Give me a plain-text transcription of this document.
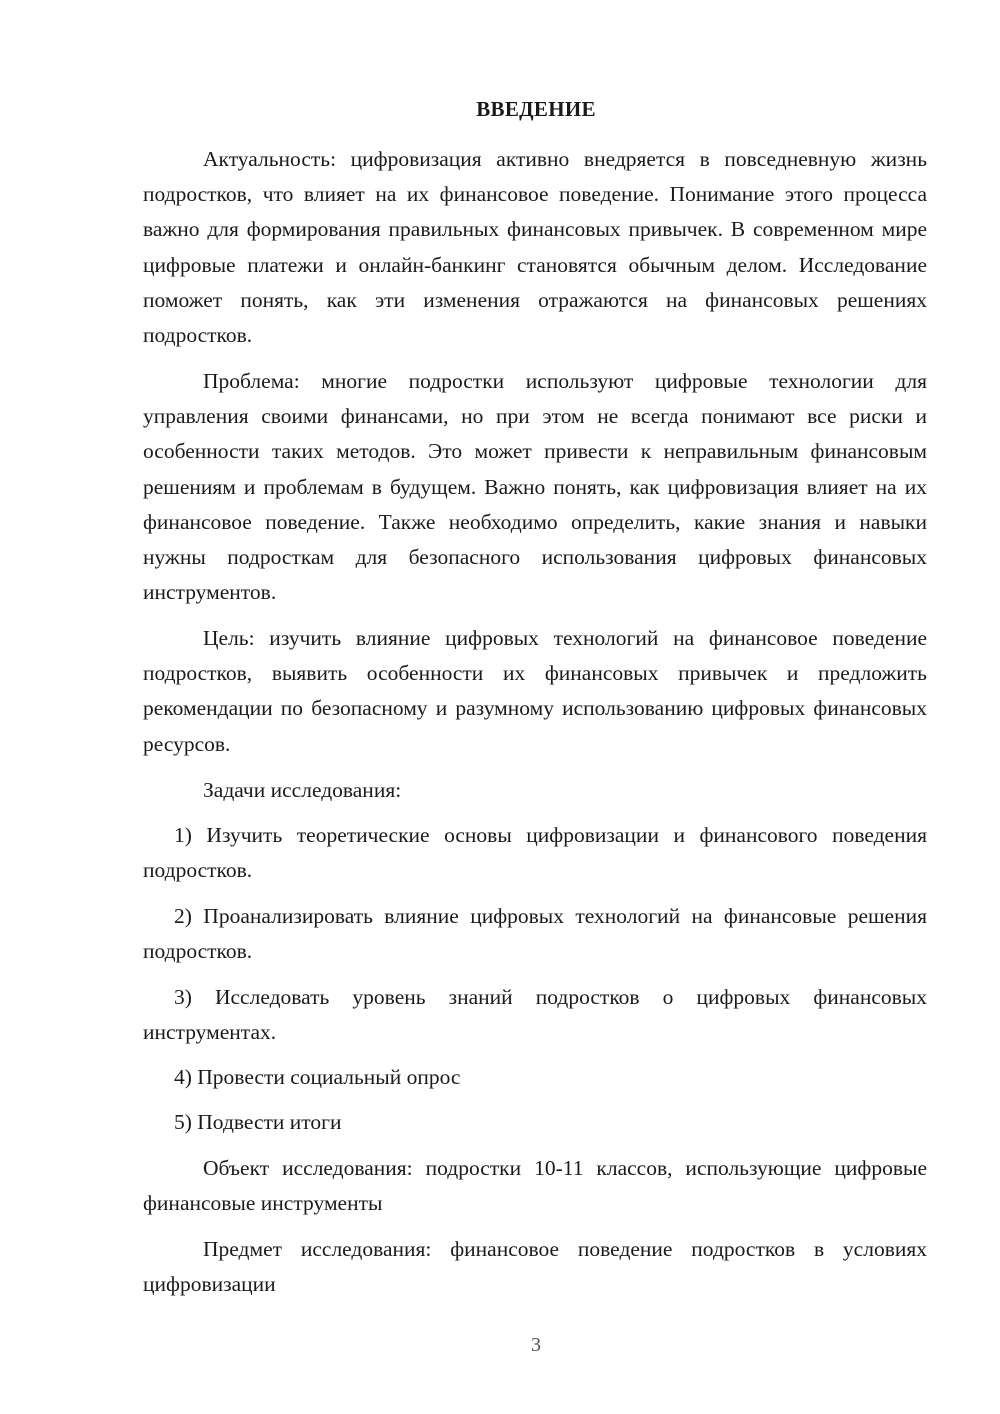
ВВЕДЕНИЕ

Актуальность: цифровизация активно внедряется в повседневную жизнь подростков, что влияет на их финансовое поведение. Понимание этого процесса важно для формирования правильных финансовых привычек. В современном мире цифровые платежи и онлайн-банкинг становятся обычным делом. Исследование поможет понять, как эти изменения отражаются на финансовых решениях подростков.

Проблема: многие подростки используют цифровые технологии для управления своими финансами, но при этом не всегда понимают все риски и особенности таких методов. Это может привести к неправильным финансовым решениям и проблемам в будущем. Важно понять, как цифровизация влияет на их финансовое поведение. Также необходимо определить, какие знания и навыки нужны подросткам для безопасного использования цифровых финансовых инструментов.

Цель: изучить влияние цифровых технологий на финансовое поведение подростков, выявить особенности их финансовых привычек и предложить рекомендации по безопасному и разумному использованию цифровых финансовых ресурсов.

Задачи исследования:

1) Изучить теоретические основы цифровизации и финансового поведения подростков.

2) Проанализировать влияние цифровых технологий на финансовые решения подростков.

3) Исследовать уровень знаний подростков о цифровых финансовых инструментах.

4) Провести социальный опрос

5) Подвести итоги

Объект исследования: подростки 10-11 классов, использующие цифровые финансовые инструменты

Предмет исследования: финансовое поведение подростков в условиях цифровизации

3
